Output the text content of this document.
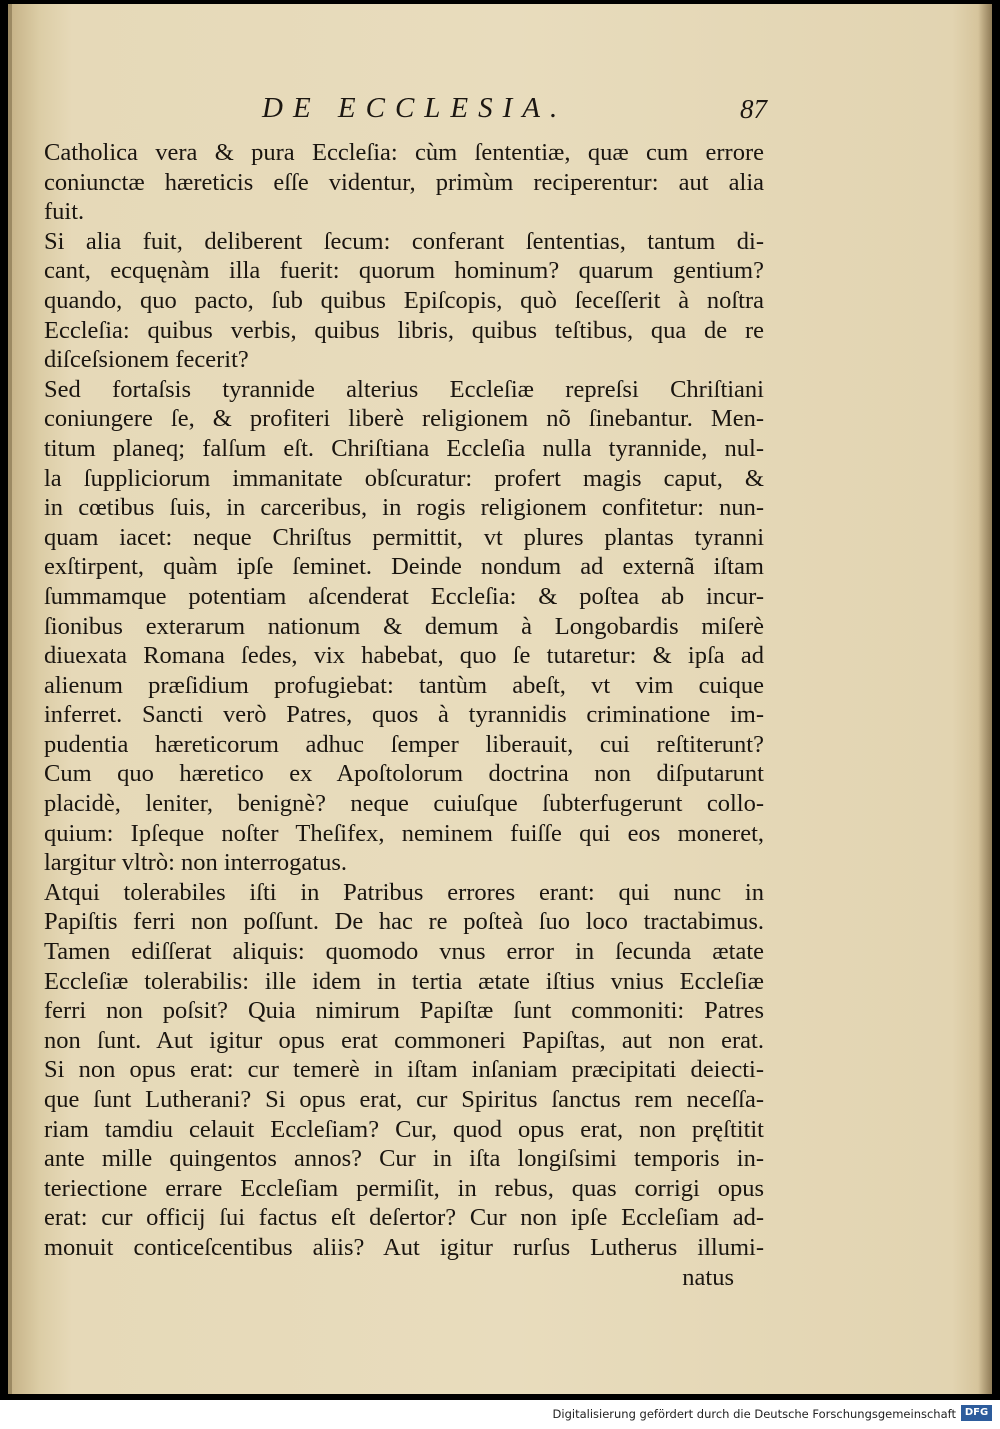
DE ECCLESIA.	87
Catholica vera & pura Eccleſia: cùm ſententiæ, quæ cum errore
coniunctæ hæreticis eſſe videntur, primùm reciperentur: aut alia
fuit.
Si alia fuit, deliberent ſecum: conferant ſententias, tantum di-
cant, ecquęnàm illa fuerit: quorum hominum? quarum gentium?
quando, quo pacto, ſub quibus Epiſcopis, quò ſeceſſerit à noſtra
Eccleſia: quibus verbis, quibus libris, quibus teſtibus, qua de re
diſceſsionem fecerit?
Sed fortaſsis tyrannide alterius Eccleſiæ repreſsi Chriſtiani
coniungere ſe, & profiteri liberè religionem nõ ſinebantur. Men-
titum planeq; falſum eſt. Chriſtiana Eccleſia nulla tyrannide, nul-
la ſuppliciorum immanitate obſcuratur: profert magis caput, &
in cœtibus ſuis, in carceribus, in rogis religionem confitetur: nun-
quam iacet: neque Chriſtus permittit, vt plures plantas tyranni
exſtirpent, quàm ipſe ſeminet. Deinde nondum ad externã iſtam
ſummamque potentiam aſcenderat Eccleſia: & poſtea ab incur-
ſionibus exterarum nationum & demum à Longobardis miſerè
diuexata Romana ſedes, vix habebat, quo ſe tutaretur: & ipſa ad
alienum præſidium profugiebat: tantùm abeſt, vt vim cuique
inferret. Sancti verò Patres, quos à tyrannidis criminatione im-
pudentia hæreticorum adhuc ſemper liberauit, cui reſtiterunt?
Cum quo hæretico ex Apoſtolorum doctrina non diſputarunt
placidè, leniter, benignè? neque cuiuſque ſubterfugerunt collo-
quium: Ipſeque noſter Theſifex, neminem fuiſſe qui eos moneret,
largitur vltrò: non interrogatus.
Atqui tolerabiles iſti in Patribus errores erant: qui nunc in
Papiſtis ferri non poſſunt. De hac re poſteà ſuo loco tractabimus.
Tamen ediſſerat aliquis: quomodo vnus error in ſecunda ætate
Eccleſiæ tolerabilis: ille idem in tertia ætate iſtius vnius Eccleſiæ
ferri non poſsit? Quia nimirum Papiſtæ ſunt commoniti: Patres
non ſunt. Aut igitur opus erat commoneri Papiſtas, aut non erat.
Si non opus erat: cur temerè in iſtam inſaniam præcipitati deiecti-
que ſunt Lutherani? Si opus erat, cur Spiritus ſanctus rem neceſſa-
riam tamdiu celauit Eccleſiam? Cur, quod opus erat, non pręſtitit
ante mille quingentos annos? Cur in iſta longiſsimi temporis in-
teriectione errare Eccleſiam permiſit, in rebus, quas corrigi opus
erat: cur officij ſui factus eſt deſertor? Cur non ipſe Eccleſiam ad-
monuit conticeſcentibus aliis? Aut igitur rurſus Lutherus illumi-
natus
Digitalisierung gefördert durch die Deutsche Forschungsgemeinschaft DFG
